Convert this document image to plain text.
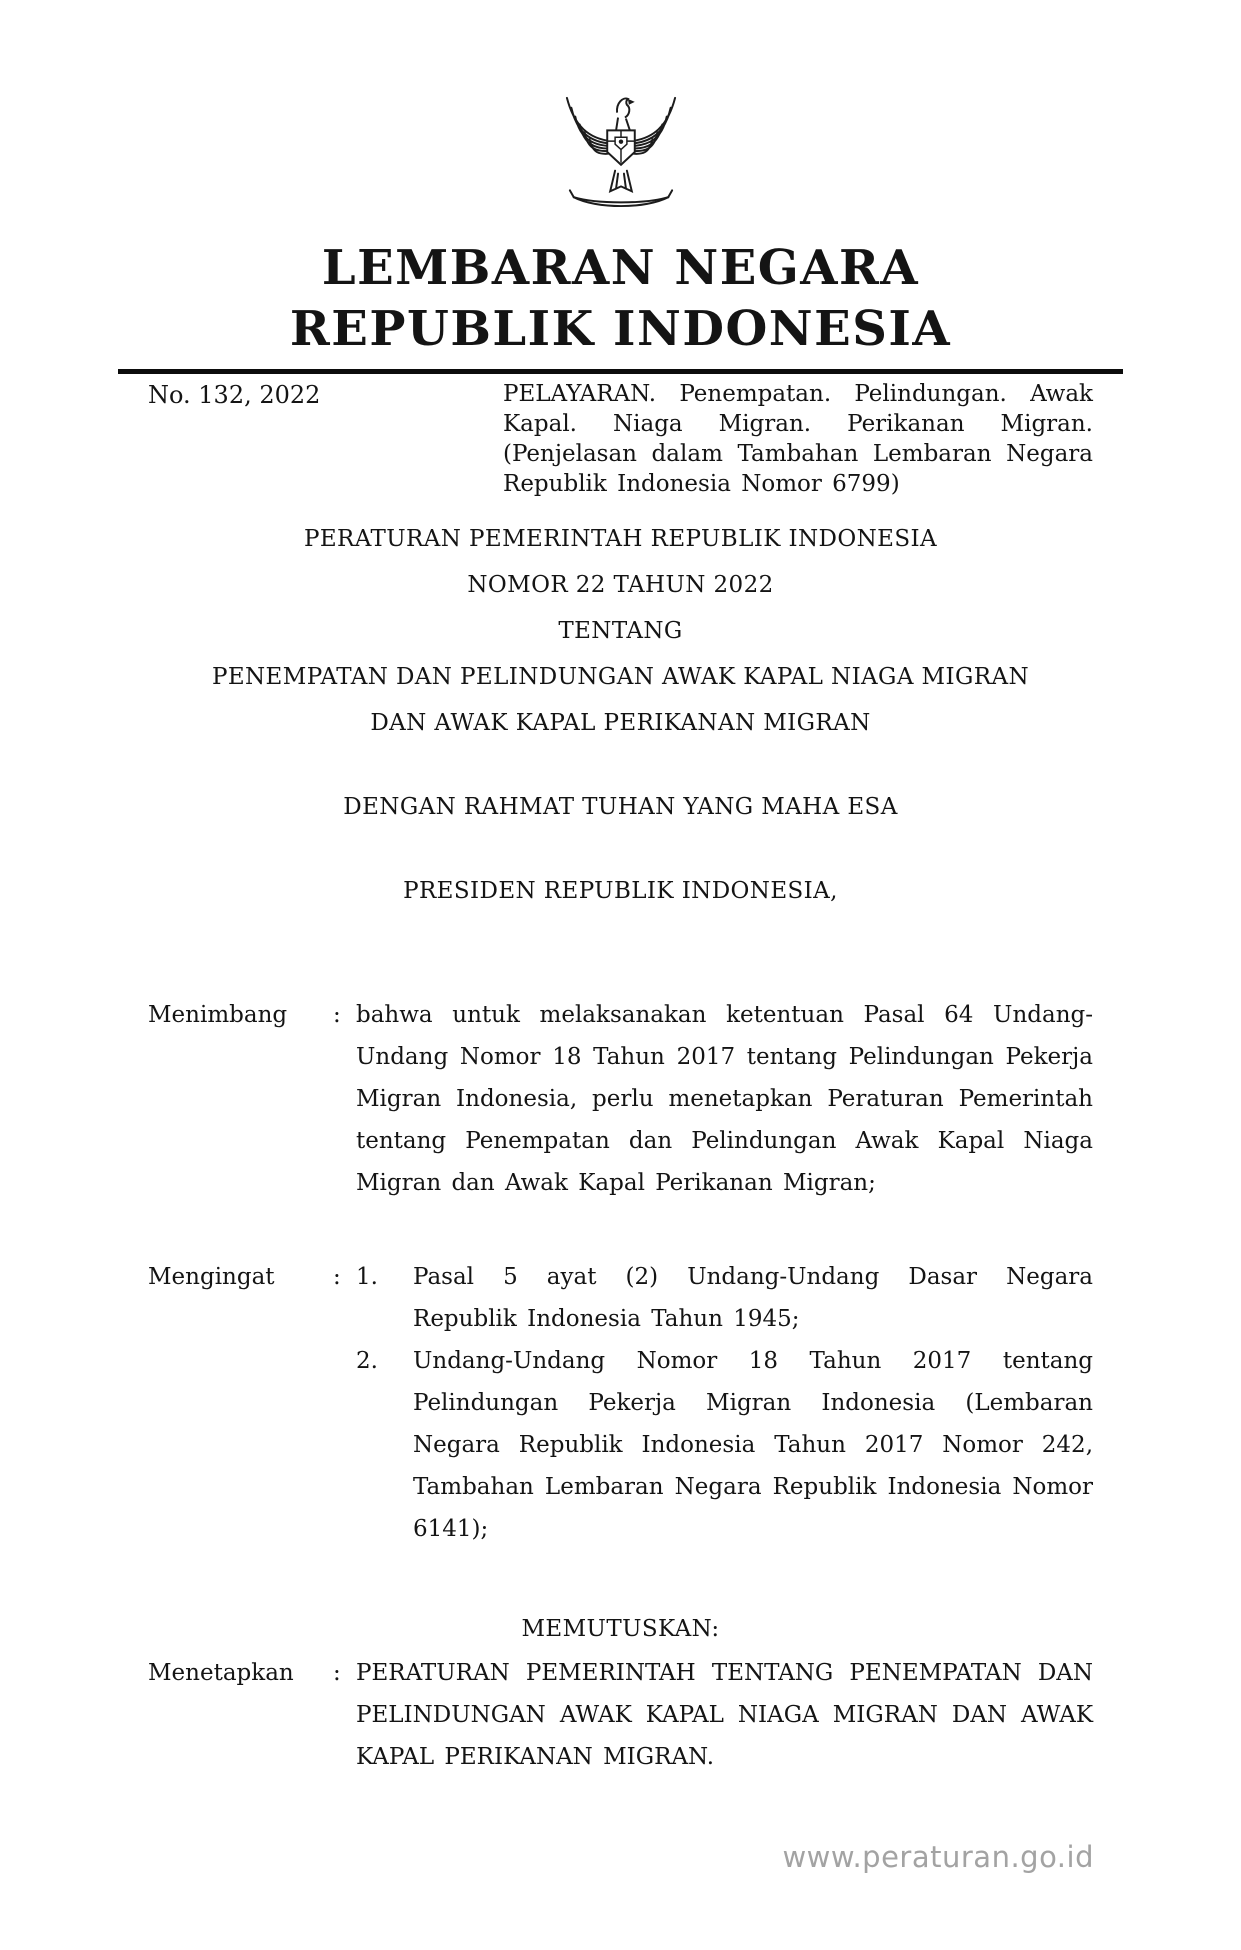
LEMBARAN NEGARA
REPUBLIK INDONESIA
No. 132, 2022	PELAYARAN. Penempatan. Pelindungan. Awak Kapal. Niaga Migran. Perikanan Migran. (Penjelasan dalam Tambahan Lembaran Negara Republik Indonesia Nomor 6799)
PERATURAN PEMERINTAH REPUBLIK INDONESIA
NOMOR 22 TAHUN 2022
TENTANG
PENEMPATAN DAN PELINDUNGAN AWAK KAPAL NIAGA MIGRAN
DAN AWAK KAPAL PERIKANAN MIGRAN
DENGAN RAHMAT TUHAN YANG MAHA ESA
PRESIDEN REPUBLIK INDONESIA,
Menimbang	: bahwa untuk melaksanakan ketentuan Pasal 64 Undang-Undang Nomor 18 Tahun 2017 tentang Pelindungan Pekerja Migran Indonesia, perlu menetapkan Peraturan Pemerintah tentang Penempatan dan Pelindungan Awak Kapal Niaga Migran dan Awak Kapal Perikanan Migran;
Mengingat	: 1.	Pasal 5 ayat (2) Undang-Undang Dasar Negara Republik Indonesia Tahun 1945;
2.	Undang-Undang Nomor 18 Tahun 2017 tentang Pelindungan Pekerja Migran Indonesia (Lembaran Negara Republik Indonesia Tahun 2017 Nomor 242, Tambahan Lembaran Negara Republik Indonesia Nomor 6141);
MEMUTUSKAN:
Menetapkan	: PERATURAN PEMERINTAH TENTANG PENEMPATAN DAN PELINDUNGAN AWAK KAPAL NIAGA MIGRAN DAN AWAK KAPAL PERIKANAN MIGRAN.
www.peraturan.go.id
